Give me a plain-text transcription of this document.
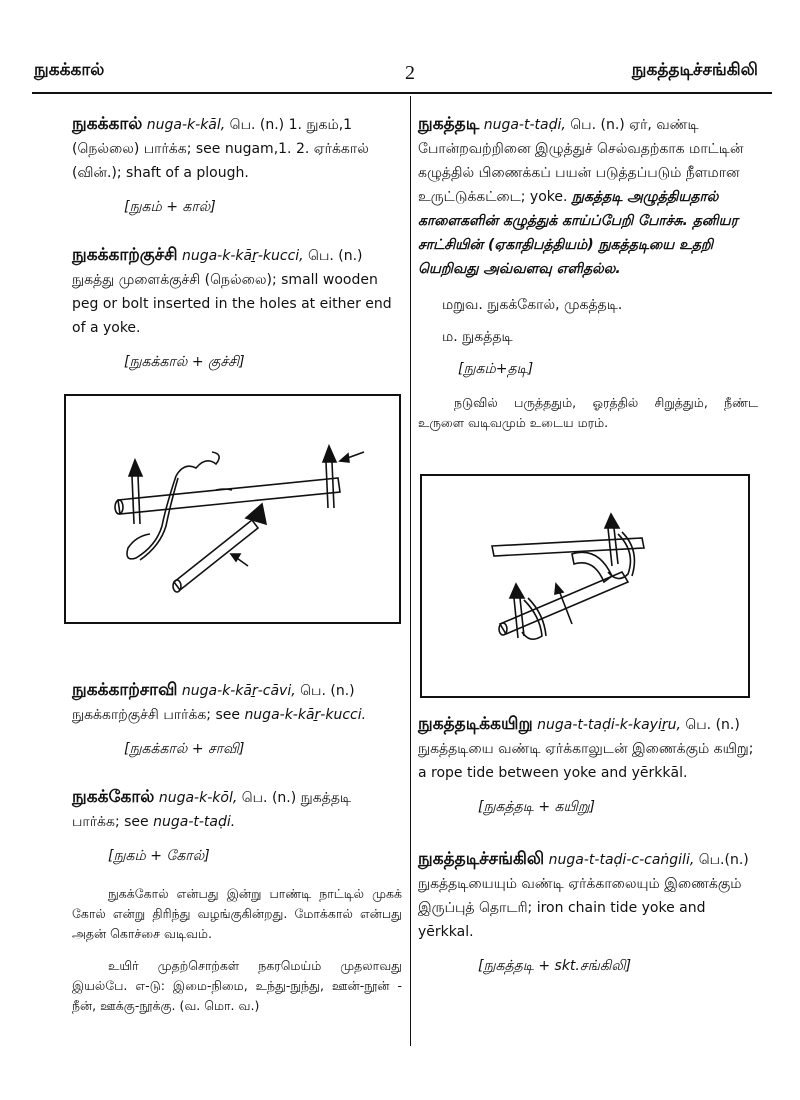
நுகக்கால்	2	நுகத்தடிச்சங்கிலி
நுகக்கால் nuga-k-kāl, பெ. (n.) 1. நுகம்,1 (நெல்லை) பார்க்க; see nugam,1. 2. ஏர்க்கால் (வின்.); shaft of a plough.
[நுகம் + கால்]
நுகக்காற்குச்சி nuga-k-kāṟ-kucci, பெ. (n.) நுகத்து முளைக்குச்சி (நெல்லை); small wooden peg or bolt inserted in the holes at either end of a yoke.
[நுகக்கால் + குச்சி]
நுகக்காற்சாவி nuga-k-kāṟ-cāvi, பெ. (n.) நுகக்காற்குச்சி பார்க்க; see nuga-k-kāṟ-kucci.
[நுகக்கால் + சாவி]
நுகக்கோல் nuga-k-kōl, பெ. (n.) நுகத்தடி பார்க்க; see nuga-t-taḍi.
[நுகம் + கோல்]
நுகக்கோல் என்பது இன்று பாண்டி நாட்டில் முகக் கோல் என்று திரிந்து வழங்குகின்றது. மோக்கால் என்பது அதன் கொச்சை வடிவம்.
உயிர் முதற்சொற்கள் நகரமெய்ம் முதலாவது இயல்பே. எ-டு: இமை-நிமை, உந்து-நுந்து, ஊன்-நூன் - நீன், ஊக்கு-நூக்கு. (வ. மொ. வ.)
நுகத்தடி nuga-t-taḍi, பெ. (n.) ஏர், வண்டி போன்றவற்றினை இழுத்துச் செல்வதற்காக மாட்டின் கழுத்தில் பிணைக்கப் பயன் படுத்தப்படும் நீளமான உருட்டுக்கட்டை; yoke. நுகத்தடி அழுத்தியதால் காளைகளின் கழுத்துக் காய்ப்பேறி போச்சு. தனியர சாட்சியின் (ஏகாதிபத்தியம்) நுகத்தடியை உதறி யெறிவது அவ்வளவு எளிதல்ல.
மறுவ. நுகக்கோல், முகத்தடி.
ம. நுகத்தடி
[நுகம்+தடி]
நடுவில் பருத்ததும், ஓரத்தில் சிறுத்தும், நீண்ட உருளை வடிவமும் உடைய மரம்.
நுகத்தடிக்கயிறு nuga-t-taḍi-k-kayiṟu, பெ. (n.) நுகத்தடியை வண்டி ஏர்க்காலுடன் இணைக்கும் கயிறு; a rope tide between yoke and yērkkāl.
[நுகத்தடி + கயிறு]
நுகத்தடிச்சங்கிலி nuga-t-taḍi-c-caṅgili, பெ.(n.) நுகத்தடியையும் வண்டி ஏர்க்காலையும் இணைக்கும் இருப்புத் தொடரி; iron chain tide yoke and yērkkal.
[நுகத்தடி + skt.சங்கிலி]
